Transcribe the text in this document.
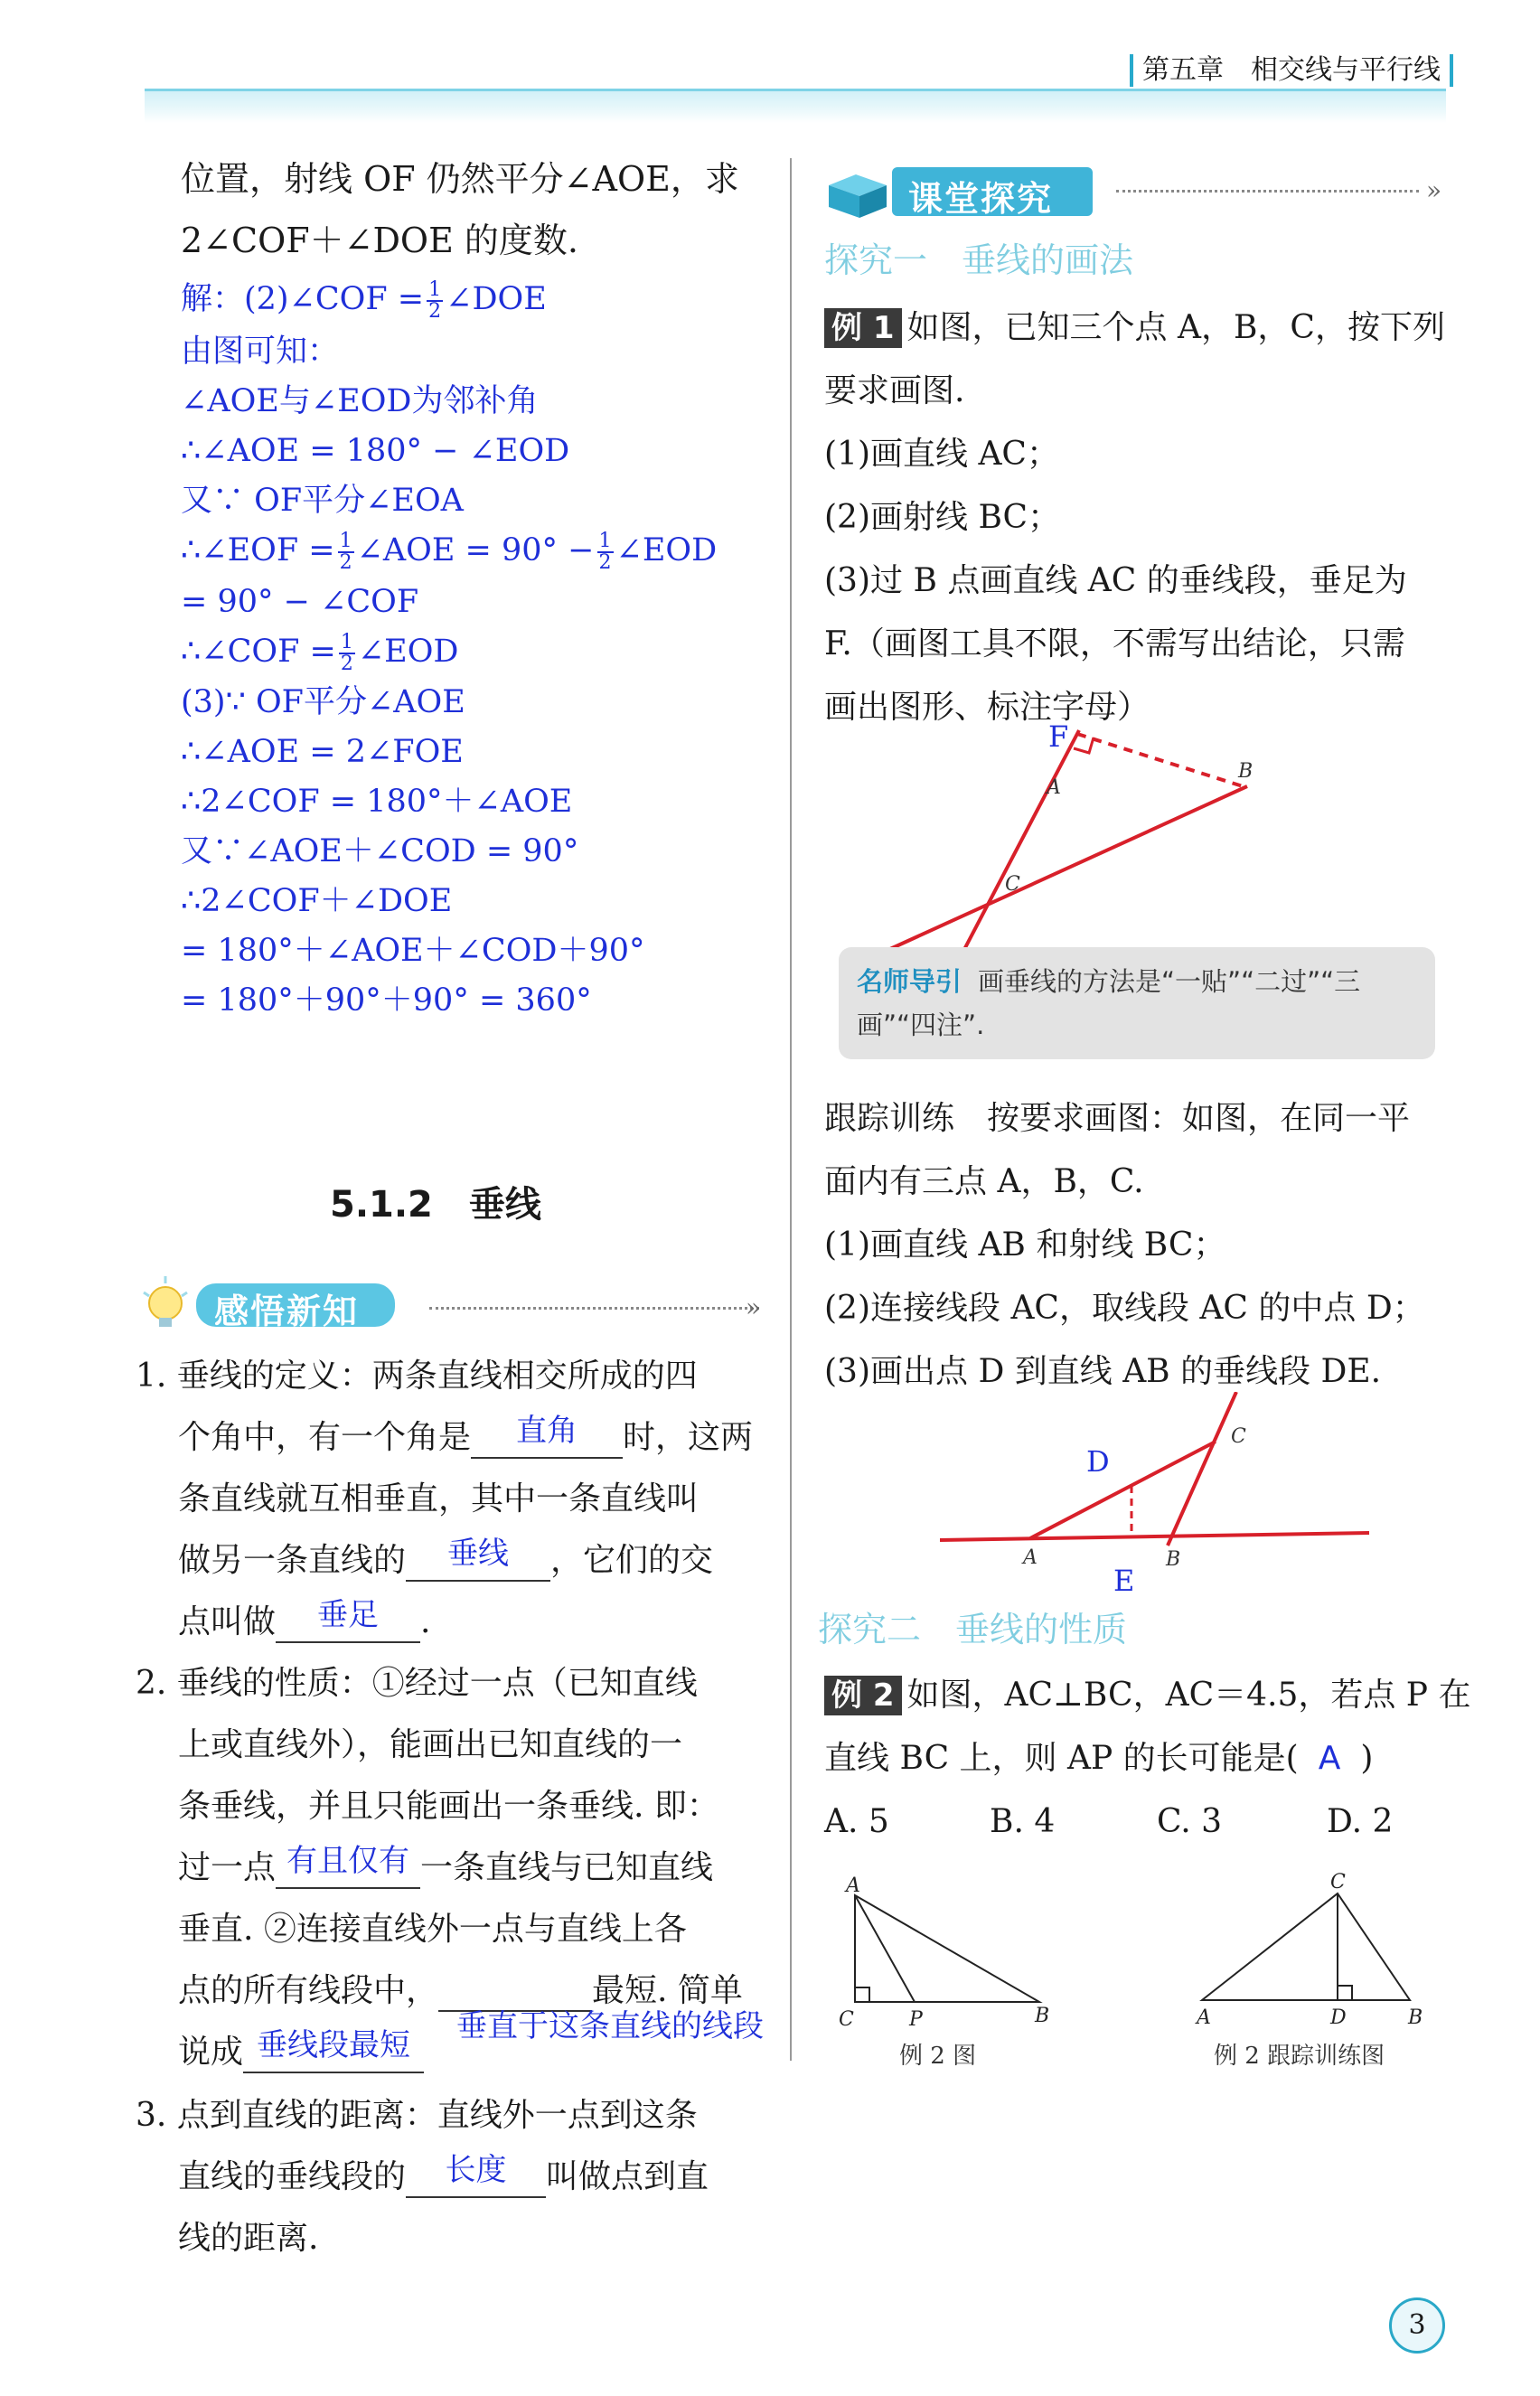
第五章　相交线与平行线
位置，射线 OF 仍然平分∠AOE，求
2∠COF＋∠DOE 的度数.
解：(2)∠COF = $\frac{1}{2}$ ∠DOE
由图可知：
∠AOE与∠EOD为邻补角
∴∠AOE = 180° − ∠EOD
又∵ OF平分∠EOA
∴∠EOF = $\frac{1}{2}$ ∠AOE = $90^\circ - \frac{1}{2}$ ∠EOD
= 90° − ∠COF
∴∠COF = $\frac{1}{2}$ ∠EOD
(3)∵ OF平分∠AOE
∴∠AOE = 2∠FOE
∴2∠COF = 180°＋∠AOE
又∵∠AOE＋∠COD = 90°
∴2∠COF＋∠DOE
= 180°＋∠AOE＋∠COD＋90°
= 180°＋90°＋90° = 360°
5.1.2　垂线
感悟新知	»
1. 垂线的定义：两条直线相交所成的四
个角中，有一个角是	直角	时，这两
条直线就互相垂直，其中一条直线叫
做另一条直线的	垂线	，它们的交
点叫做	垂足	.
2. 垂线的性质：①经过一点（已知直线
上或直线外），能画出已知直线的一
条垂线，并且只能画出一条垂线. 即：
过一点 有且仅有 一条直线与已知直线
垂直. ②连接直线外一点与直线上各
点的所有线段中，	最短. 简单
垂直于这条直线的线段
说成 垂线段最短
3. 点到直线的距离：直线外一点到这条
直线的垂线段的	长度	叫做点到直
线的距离.
课堂探究	»
探究一　垂线的画法
例 1 如图，已知三个点 A，B，C，按下列
要求画图.
(1)画直线 AC；
(2)画射线 BC；
(3)过 B 点画直线 AC 的垂线段，垂足为
F.（画图工具不限，不需写出结论，只需
画出图形、标注字母）
F
A
B
C
名师导引 画垂线的方法是“一贴”“二过”“三画”“四注”.
跟踪训练　按要求画图：如图，在同一平
面内有三点 A，B，C.
(1)画直线 AB 和射线 BC；
(2)连接线段 AC，取线段 AC 的中点 D；
(3)画出点 D 到直线 AB 的垂线段 DE.
D
E
A	B
C
探究二　垂线的性质
例 2 如图，AC⊥BC，AC＝4.5，若点 P 在
直线 BC 上，则 AP 的长可能是( A )
A. 5	B. 4	C. 3	D. 2
A
C	P	B
例 2 图
C
A	D	B
例 2 跟踪训练图
3
